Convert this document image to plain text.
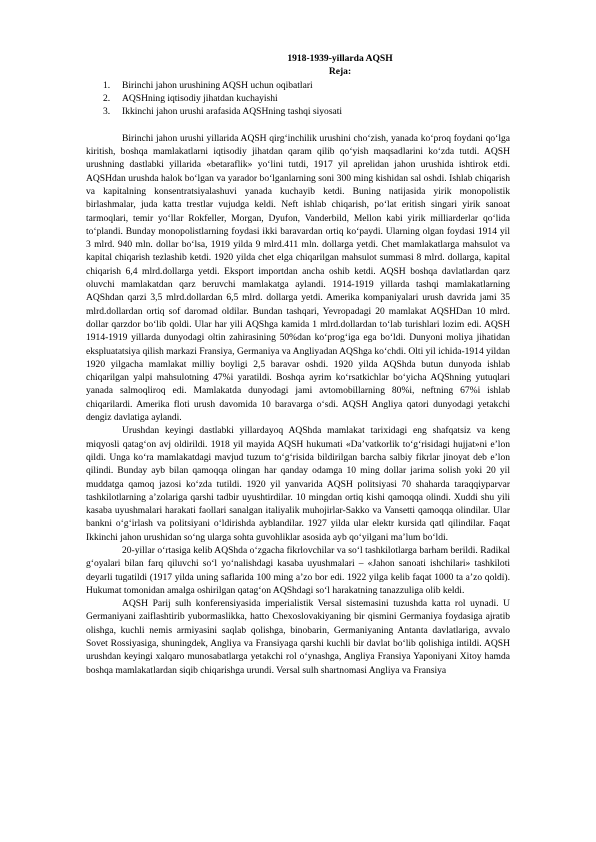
1918-1939-yillarda AQSH

Reja:

1. Birinchi jahon urushining AQSH uchun oqibatlari
2. AQSHning iqtisodiy jihatdan kuchayishi
3. Ikkinchi jahon urushi arafasida AQSHning tashqi siyosati

Birinchi jahon urushi yillarida AQSH qirg‘inchilik urushini cho‘zish, yanada ko‘proq foydani qo‘lga kiritish, boshqa mamlakatlarni iqtisodiy jihatdan qaram qilib qo‘yish maqsadlarini ko‘zda tutdi. AQSH urushning dastlabki yillarida «betaraflik» yo‘lini tutdi, 1917 yil aprelidan jahon urushida ishtirok etdi. AQSHdan urushda halok bo‘lgan va yarador bo‘lganlarning soni 300 ming kishidan sal oshdi. Ishlab chiqarish va kapitalning konsentratsiyalashuvi yanada kuchayib ketdi. Buning natijasida yirik monopolistik birlashmalar, juda katta trestlar vujudga keldi. Neft ishlab chiqarish, po‘lat eritish singari yirik sanoat tarmoqlari, temir yo‘llar Rokfeller, Morgan, Dyufon, Vanderbild, Mellon kabi yirik milliarderlar qo‘lida to‘plandi. Bunday monopolistlarning foydasi ikki baravardan ortiq ko‘paydi. Ularning olgan foydasi 1914 yil 3 mlrd. 940 mln. dollar bo‘lsa, 1919 yilda 9 mlrd.411 mln. dollarga yetdi. Chet mamlakatlarga mahsulot va kapital chiqarish tezlashib ketdi. 1920 yilda chet elga chiqarilgan mahsulot summasi 8 mlrd. dollarga, kapital chiqarish 6,4 mlrd.dollarga yetdi. Eksport importdan ancha oshib ketdi. AQSH boshqa davlatlardan qarz oluvchi mamlakatdan qarz beruvchi mamlakatga aylandi. 1914-1919 yillarda tashqi mamlakatlarning AQShdan qarzi 3,5 mlrd.dollardan 6,5 mlrd. dollarga yetdi. Amerika kompaniyalari urush davrida jami 35 mlrd.dollardan ortiq sof daromad oldilar. Bundan tashqari, Yevropadagi 20 mamlakat AQSHDan 10 mlrd. dollar qarzdor bo‘lib qoldi. Ular har yili AQShga kamida 1 mlrd.dollardan to‘lab turishlari lozim edi. AQSH 1914-1919 yillarda dunyodagi oltin zahirasining 50%dan ko‘prog‘iga ega bo‘ldi. Dunyoni moliya jihatidan ekspluatatsiya qilish markazi Fransiya, Germaniya va Angliyadan AQShga ko‘chdi. Olti yil ichida-1914 yildan 1920 yilgacha mamlakat milliy boyligi 2,5 baravar oshdi. 1920 yilda AQShda butun dunyoda ishlab chiqarilgan yalpi mahsulotning 47%i yaratildi. Boshqa ayrim ko‘rsatkichlar bo‘yicha AQShning yutuqlari yanada salmoqliroq edi. Mamlakatda dunyodagi jami avtomobillarning 80%i, neftning 67%i ishlab chiqarilardi. Amerika floti urush davomida 10 baravarga o‘sdi. AQSH Angliya qatori dunyodagi yetakchi dengiz davlatiga aylandi.

Urushdan keyingi dastlabki yillardayoq AQShda mamlakat tarixidagi eng shafqatsiz va keng miqyosli qatag‘on avj oldirildi. 1918 yil mayida AQSH hukumati «Da’vatkorlik to‘g‘risidagi hujjat»ni e’lon qildi. Unga ko‘ra mamlakatdagi mavjud tuzum to‘g‘risida bildirilgan barcha salbiy fikrlar jinoyat deb e’lon qilindi. Bunday ayb bilan qamoqqa olingan har qanday odamga 10 ming dollar jarima solish yoki 20 yil muddatga qamoq jazosi ko‘zda tutildi. 1920 yil yanvarida AQSH politsiyasi 70 shaharda taraqqiyparvar tashkilotlarning a’zolariga qarshi tadbir uyushtirdilar. 10 mingdan ortiq kishi qamoqqa olindi. Xuddi shu yili kasaba uyushmalari harakati faollari sanalgan italiyalik muhojirlar-Sakko va Vansetti qamoqqa olindilar. Ular bankni o‘g‘irlash va politsiyani o‘ldirishda ayblandilar. 1927 yilda ular elektr kursida qatl qilindilar. Faqat Ikkinchi jahon urushidan so‘ng ularga sohta guvohliklar asosida ayb qo‘yilgani ma’lum bo‘ldi.

20-yillar o‘rtasiga kelib AQShda o‘zgacha fikrlovchilar va so‘l tashkilotlarga barham berildi. Radikal g‘oyalari bilan farq qiluvchi so‘l yo‘nalishdagi kasaba uyushmalari – «Jahon sanoati ishchilari» tashkiloti deyarli tugatildi (1917 yilda uning saflarida 100 ming a’zo bor edi. 1922 yilga kelib faqat 1000 ta a’zo qoldi). Hukumat tomonidan amalga oshirilgan qatag‘on AQShdagi so‘l harakatning tanazzuliga olib keldi.

AQSH Parij sulh konferensiyasida imperialistik Versal sistemasini tuzushda katta rol uynadi. U Germaniyani zaiflashtirib yubormaslikka, hatto Chexoslovakiyaning bir qismini Germaniya foydasiga ajratib olishga, kuchli nemis armiyasini saqlab qolishga, binobarin, Germaniyaning Antanta davlatlariga, avvalo Sovet Rossiyasiga, shuningdek, Angliya va Fransiyaga qarshi kuchli bir davlat bo‘lib qolishiga intildi. AQSH urushdan keyingi xalqaro munosabatlarga yetakchi rol o‘ynashga, Angliya Fransiya Yaponiyani Xitoy hamda boshqa mamlakatlardan siqib chiqarishga urundi. Versal sulh shartnomasi Angliya va Fransiya
